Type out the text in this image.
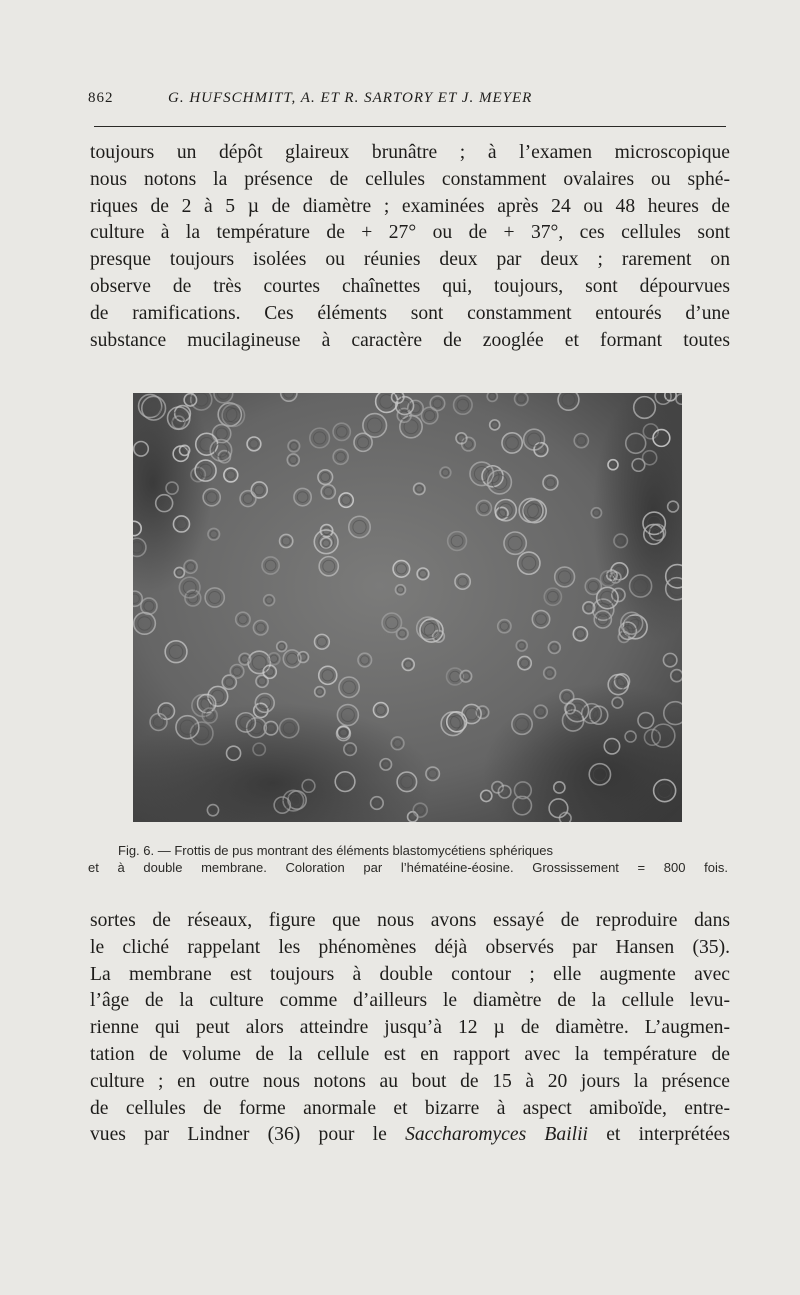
862	G. HUFSCHMITT, A. ET R. SARTORY ET J. MEYER
toujours un dépôt glaireux brunâtre ; à l’examen microscopique
nous notons la présence de cellules constamment ovalaires ou sphé-
riques de 2 à 5 µ de diamètre ; examinées après 24 ou 48 heures de
culture à la température de + 27° ou de + 37°, ces cellules sont
presque toujours isolées ou réunies deux par deux ; rarement on
observe de très courtes chaînettes qui, toujours, sont dépourvues
de ramifications. Ces éléments sont constamment entourés d’une
substance mucilagineuse à caractère de zooglée et formant toutes
Fig. 6. — Frottis de pus montrant des éléments blastomycétiens sphériques
et à double membrane. Coloration par l’hématéine-éosine. Grossissement = 800 fois.
sortes de réseaux, figure que nous avons essayé de reproduire dans
le cliché rappelant les phénomènes déjà observés par Hansen (35).
La membrane est toujours à double contour ; elle augmente avec
l’âge de la culture comme d’ailleurs le diamètre de la cellule levu-
rienne qui peut alors atteindre jusqu’à 12 µ de diamètre. L’augmen-
tation de volume de la cellule est en rapport avec la température de
culture ; en outre nous notons au bout de 15 à 20 jours la présence
de cellules de forme anormale et bizarre à aspect amiboïde, entre-
vues par Lindner (36) pour le Saccharomyces Bailii et interprétées
